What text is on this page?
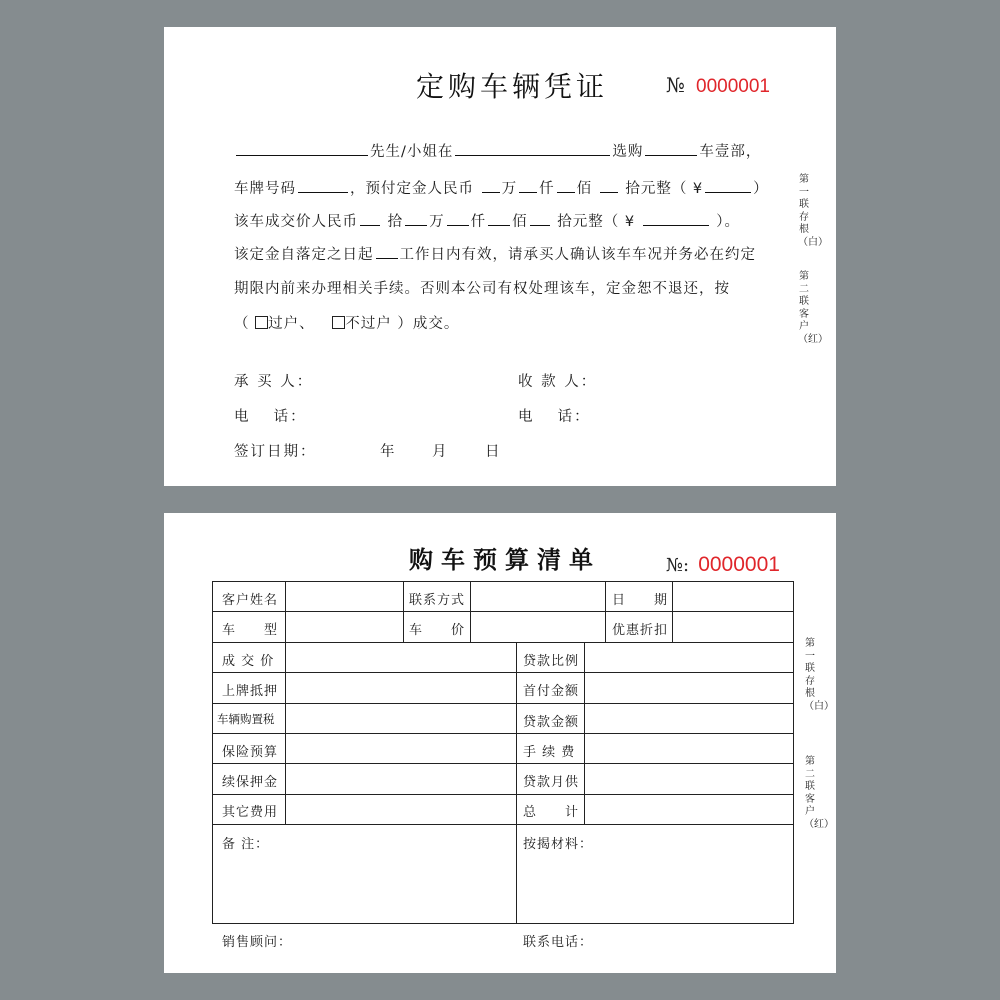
定购车辆凭证	№ 0000001
先生/小姐在	选购	车壹部，
车牌号码	，预付定金人民币 万 仟 佰 拾元整（ ¥	）
该车成交价人民币 拾 万 仟 佰 拾元整（ ¥	）。
该定金自落定之日起 工作日内有效，请承买人确认该车车况并务必在约定
期限内前来办理相关手续。否则本公司有权处理该车，定金恕不退还，按
（ 过户、 不过户 ）成交。
承 买 人：	收 款 人：
电　 话：	电　 话：
签订日期：	年 月	日
第一联存根（白）
第二联客户（红）
购车预算清单	№: 0000001
客户姓名	联系方式	日　　期
车　　型	车　　价	优惠折扣
成 交 价	贷款比例
上牌抵押	首付金额
车辆购置税	贷款金额
保险预算	手 续 费
续保押金	贷款月供
其它费用	总　　计
备 注：	按揭材料：
销售顾问：	联系电话：
第一联存根（白）
第二联客户（红）
